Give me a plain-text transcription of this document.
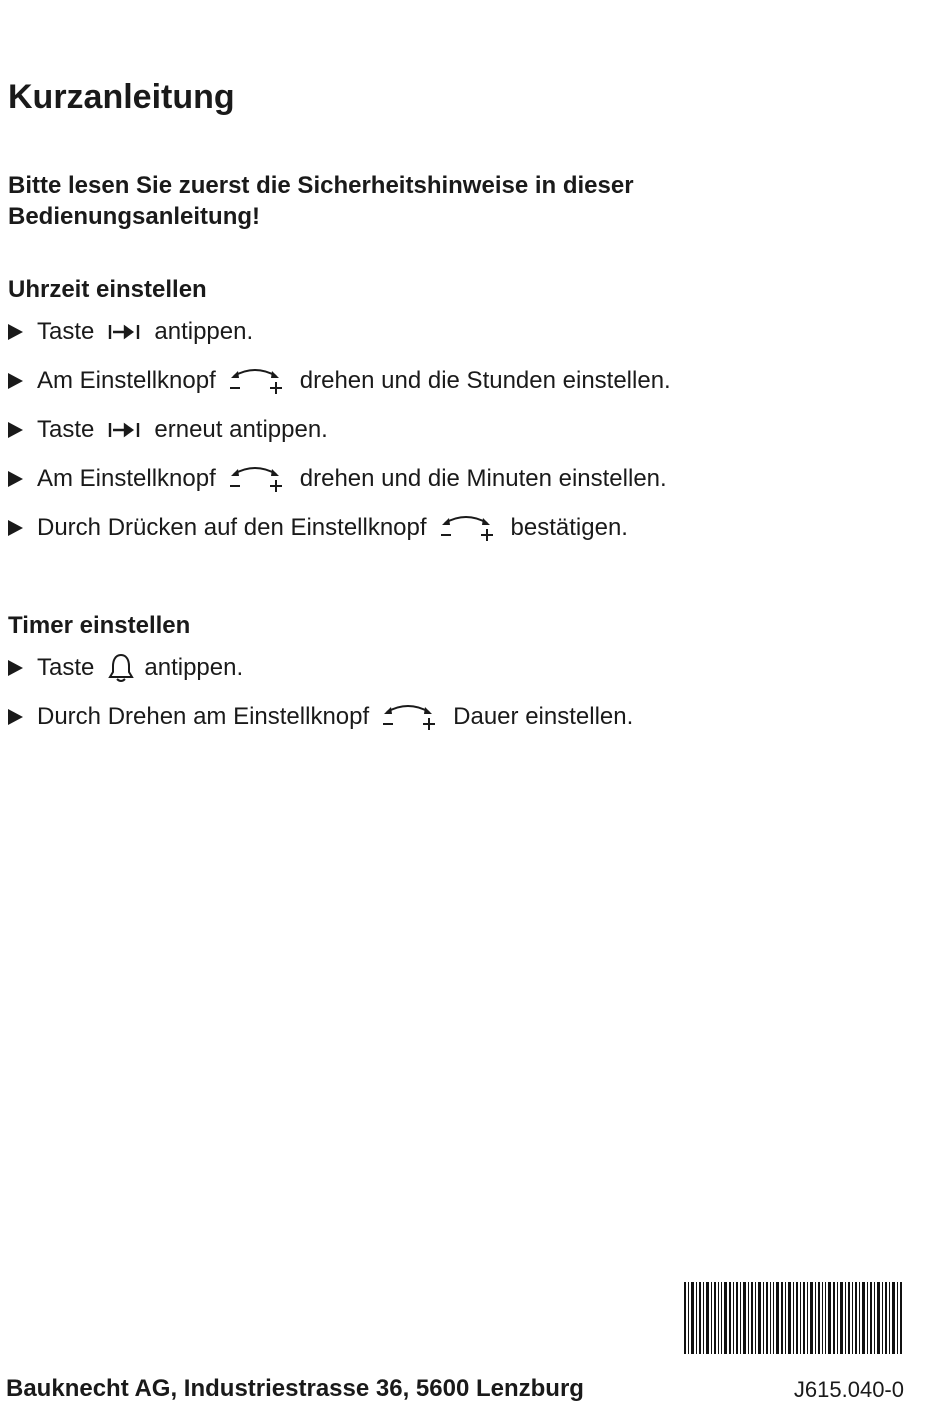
Kurzanleitung

Bitte lesen Sie zuerst die Sicherheitshinweise in dieser Bedienungsanleitung!

Uhrzeit einstellen
Taste	antippen.
Am Einstellknopf	drehen und die Stunden einstellen.
Taste	erneut antippen.
Am Einstellknopf	drehen und die Minuten einstellen.
Durch Drücken auf den Einstellknopf	bestätigen.
Timer einstellen
Taste antippen.
Durch Drehen am Einstellknopf	Dauer einstellen.

Bauknecht AG, Industriestrasse 36, 5600 Lenzburg	J615.040-0
